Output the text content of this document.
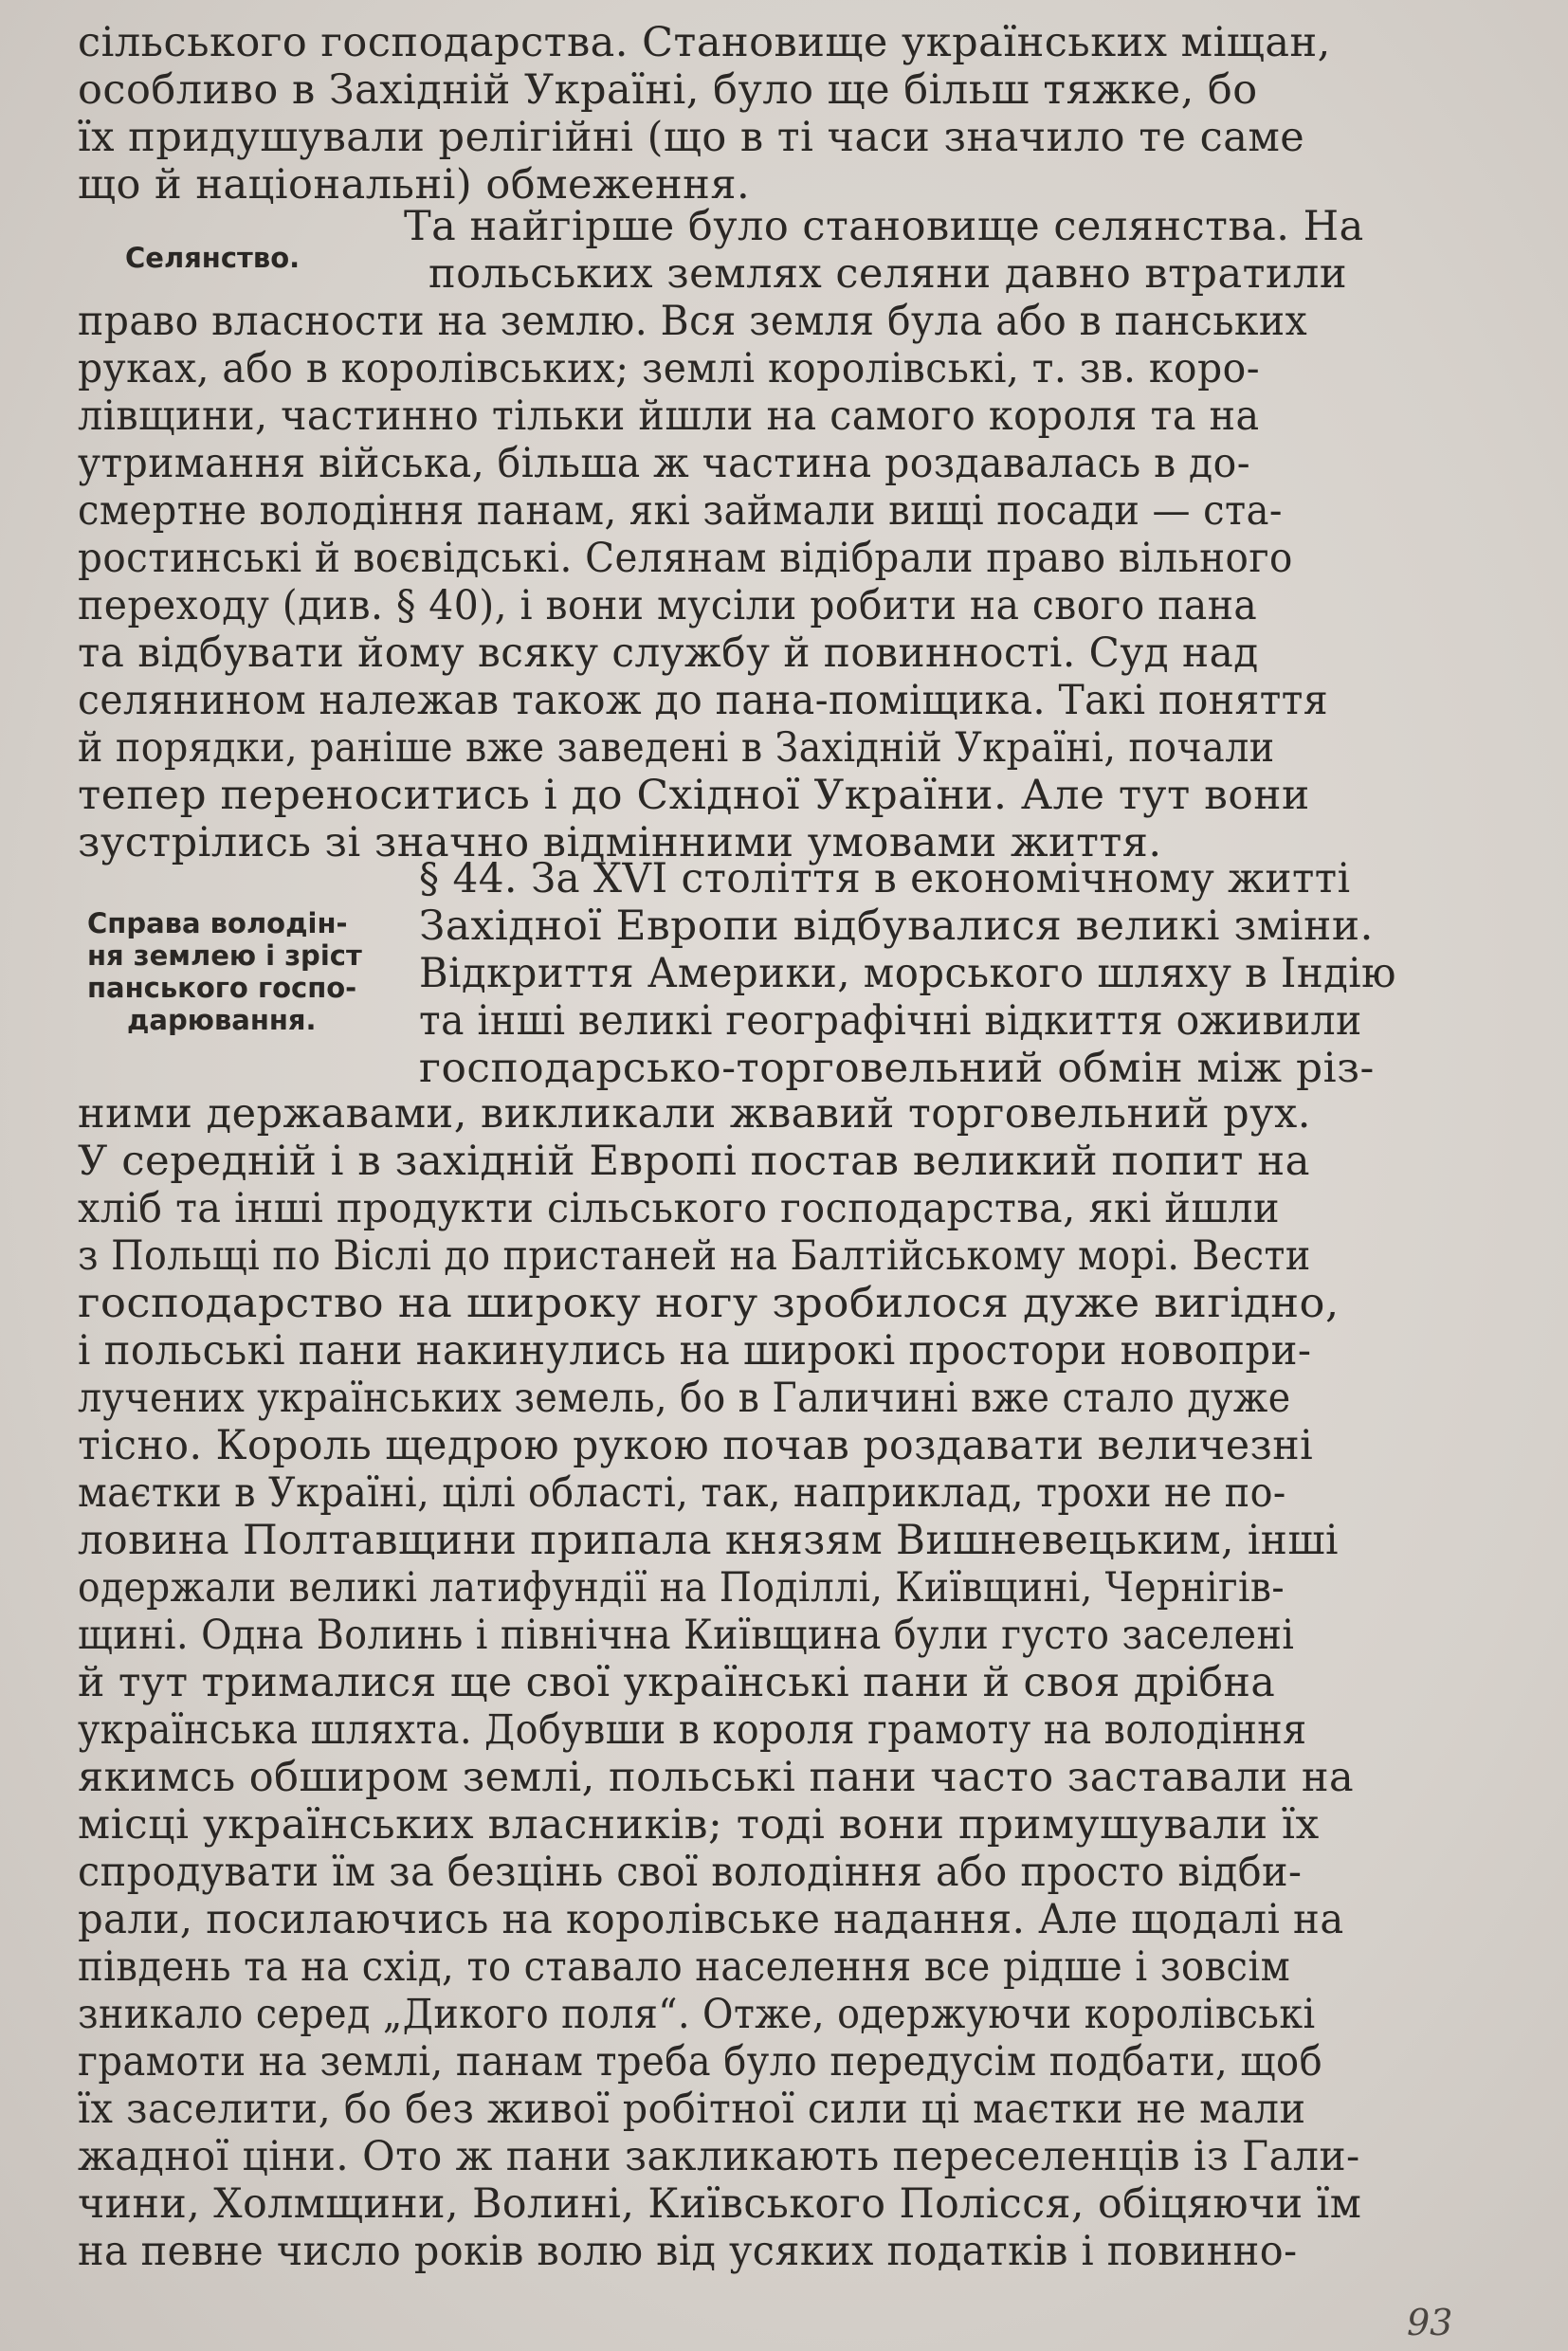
Селянство.
Справа володін-
ня землею і зріст
панського госпо-
дарювання.
сільського господарства. Становище українських міщан,
особливо в Західній Україні, було ще більш тяжке, бо
їх придушували релігійні (що в ті часи значило те саме
що й національні) обмеження.
Та найгірше було становище селянства. На
польських землях селяни давно втратили
право власности на землю. Вся земля була або в панських
руках, або в королівських; землі королівські, т. зв. коро-
лівщини, частинно тільки йшли на самого короля та на
утримання війська, більша ж частина роздавалась в до-
смертне володіння панам, які займали вищі посади — ста-
ростинські й воєвідські. Селянам відібрали право вільного
переходу (див. § 40), і вони мусіли робити на свого пана
та відбувати йому всяку службу й повинності. Суд над
селянином належав також до пана-поміщика. Такі поняття
й порядки, раніше вже заведені в Західній Україні, почали
тепер переноситись і до Східної України. Але тут вони
зустрілись зі значно відмінними умовами життя.
§ 44. За XVI століття в економічному житті
Західної Европи відбувалися великі зміни.
Відкриття Америки, морського шляху в Індію
та інші великі географічні відкиття оживили
господарсько-торговельний обмін між різ-
ними державами, викликали жвавий торговельний рух.
У середній і в західній Европі постав великий попит на
хліб та інші продукти сільського господарства, які йшли
з Польщі по Віслі до пристаней на Балтійському морі. Вести
господарство на широку ногу зробилося дуже вигідно,
і польські пани накинулись на широкі простори новопри-
лучених українських земель, бо в Галичині вже стало дуже
тісно. Король щедрою рукою почав роздавати величезні
маєтки в Україні, цілі області, так, наприклад, трохи не по-
ловина Полтавщини припала князям Вишневецьким, інші
одержали великі латифундії на Поділлі, Київщині, Чернігів-
щині. Одна Волинь і північна Київщина були густо заселені
й тут трималися ще свої українські пани й своя дрібна
українська шляхта. Добувши в короля грамоту на володіння
якимсь обширом землі, польські пани часто заставали на
місці українських власників; тоді вони примушували їх
спродувати їм за безцінь свої володіння або просто відби-
рали, посилаючись на королівське надання. Але щодалі на
південь та на схід, то ставало населення все рідше і зовсім
зникало серед „Дикого поля“. Отже, одержуючи королівські
грамоти на землі, панам треба було передусім подбати, щоб
їх заселити, бо без живої робітної сили ці маєтки не мали
жадної ціни. Ото ж пани закликають переселенців із Гали-
чини, Холмщини, Волині, Київського Полісся, обіцяючи їм
на певне число років волю від усяких податків і повинно-
93
